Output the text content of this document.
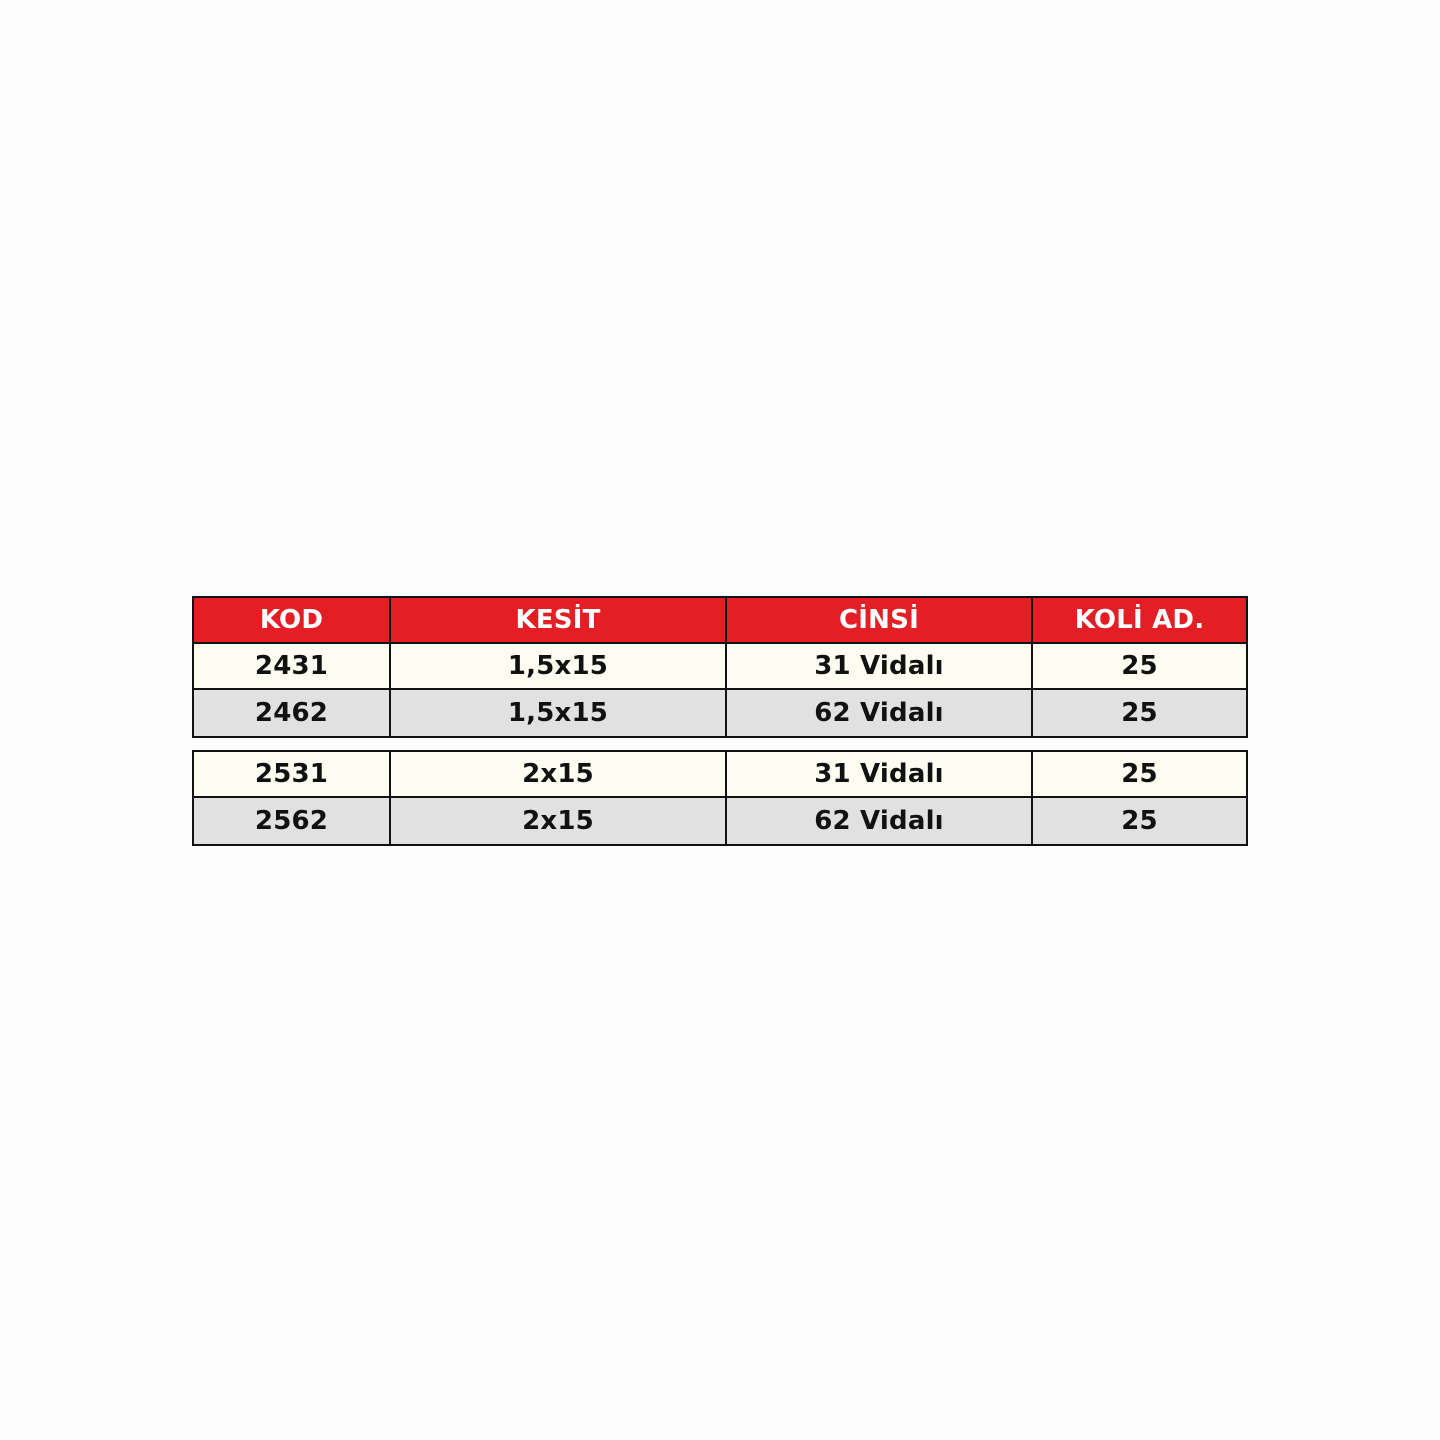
KOD	KESİT	CİNSİ	KOLİ AD.
2431	1,5x15	31 Vidalı	25
2462	1,5x15	62 Vidalı	25
2531	2x15	31 Vidalı	25
2562	2x15	62 Vidalı	25
